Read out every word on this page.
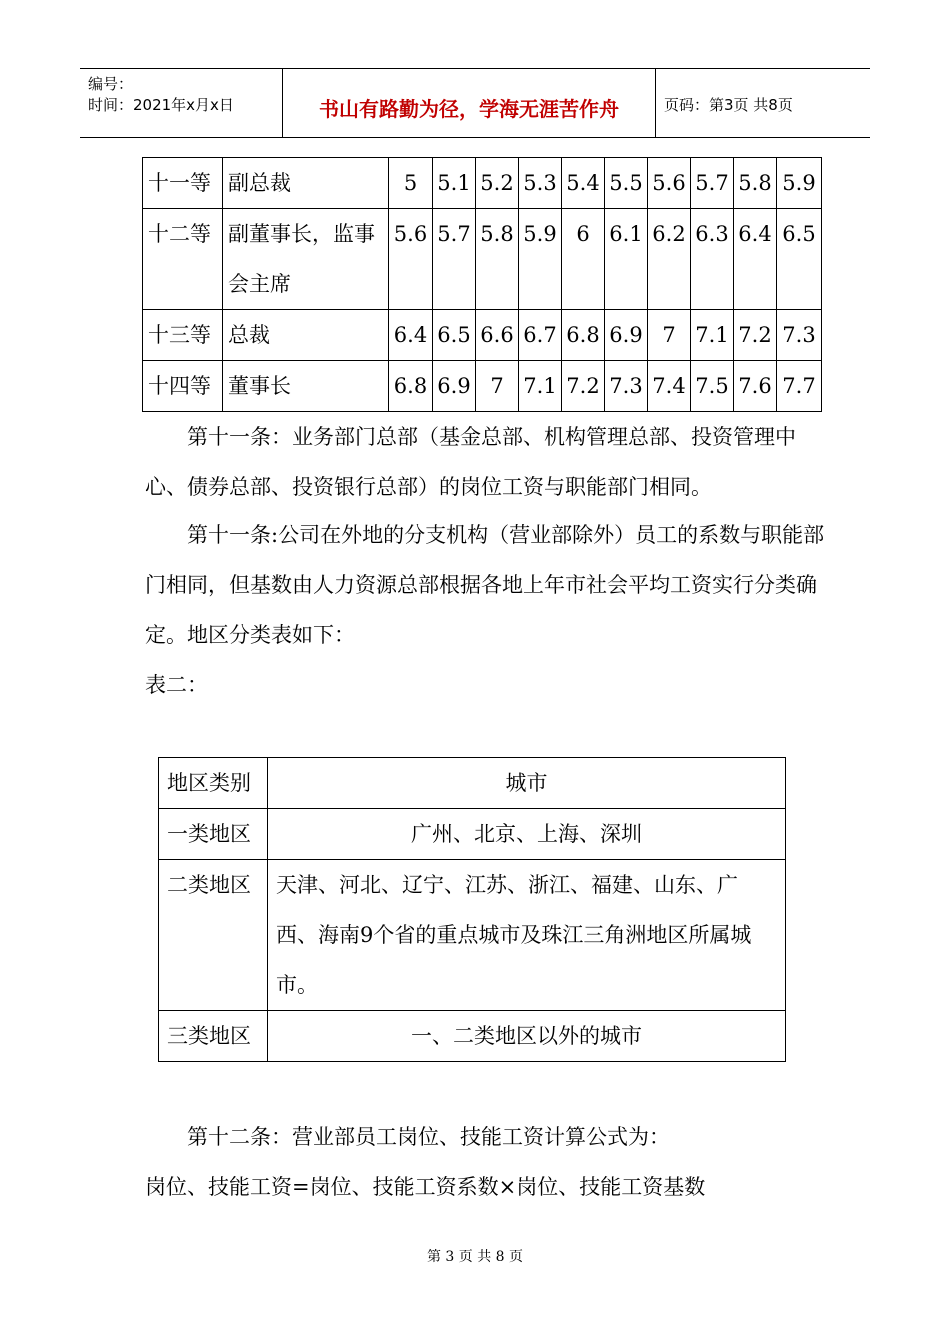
编号：
时间：2021年x月x日	书山有路勤为径，学海无涯苦作舟	页码：第3页 共8页
十一等	副总裁	5	5.1	5.2	5.3	5.4	5.5	5.6	5.7	5.8	5.9
十二等	副董事长，监事会主席	5.6	5.7	5.8	5.9	6	6.1	6.2	6.3	6.4	6.5
十三等	总裁	6.4	6.5	6.6	6.7	6.8	6.9	7	7.1	7.2	7.3
十四等	董事长	6.8	6.9	7	7.1	7.2	7.3	7.4	7.5	7.6	7.7
　　第十一条：业务部门总部（基金总部、机构管理总部、投资管理中心、债券总部、投资银行总部）的岗位工资与职能部门相同。
　　第十一条:公司在外地的分支机构（营业部除外）员工的系数与职能部门相同，但基数由人力资源总部根据各地上年市社会平均工资实行分类确定。地区分类表如下：
表二：
地区类别	城市
一类地区	广州、北京、上海、深圳
二类地区	天津、河北、辽宁、江苏、浙江、福建、山东、广西、海南9个省的重点城市及珠江三角洲地区所属城市。
三类地区	一、二类地区以外的城市
　　第十二条：营业部员工岗位、技能工资计算公式为：
岗位、技能工资=岗位、技能工资系数×岗位、技能工资基数
第 3 页 共 8 页
